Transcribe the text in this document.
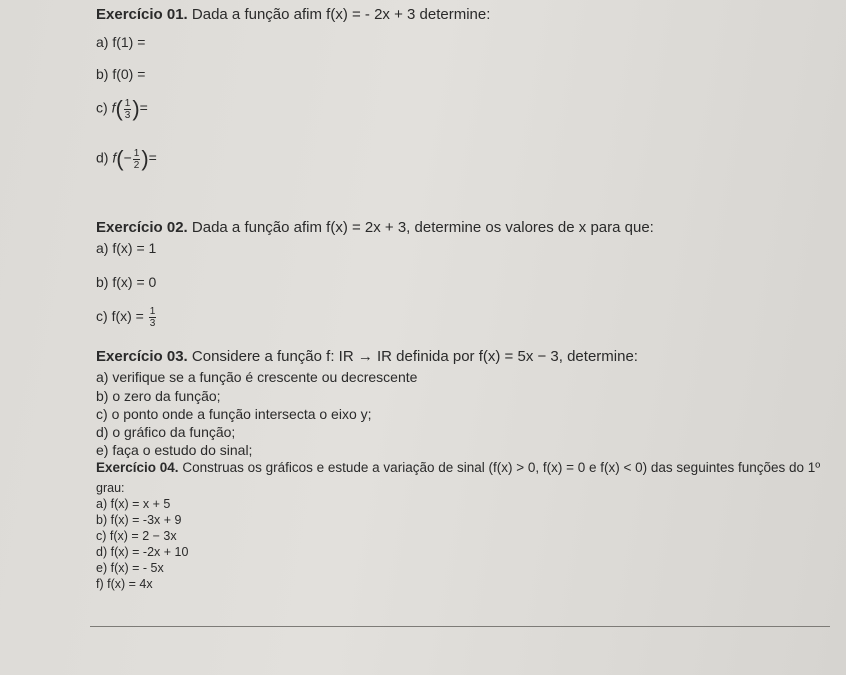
Exercício 01. Dada a função afim f(x) = - 2x + 3 determine:
a) f(1) =
b) f(0) =
c) $f( \frac{1}{3}$ )=
d) $f(- \frac{1}{2}$ )=
Exercício 02. Dada a função afim f(x) = 2x + 3, determine os valores de x para que:
a) f(x) = 1
b) f(x) = 0
c) $f(x) = \frac{1}{3}$
Exercício 03. Considere a função f: IR → IR definida por f(x) = 5x − 3, determine:
a) verifique se a função é crescente ou decrescente
b) o zero da função;
c) o ponto onde a função intersecta o eixo y;
d) o gráfico da função;
e) faça o estudo do sinal;
Exercício 04. Construas os gráficos e estude a variação de sinal (f(x) > 0, f(x) = 0 e f(x) < 0) das seguintes funções do 1º
grau:
a) f(x) = x + 5
b) f(x) = -3x + 9
c) f(x) = 2 − 3x
d) f(x) = -2x + 10
e) f(x) = - 5x
f) f(x) = 4x
